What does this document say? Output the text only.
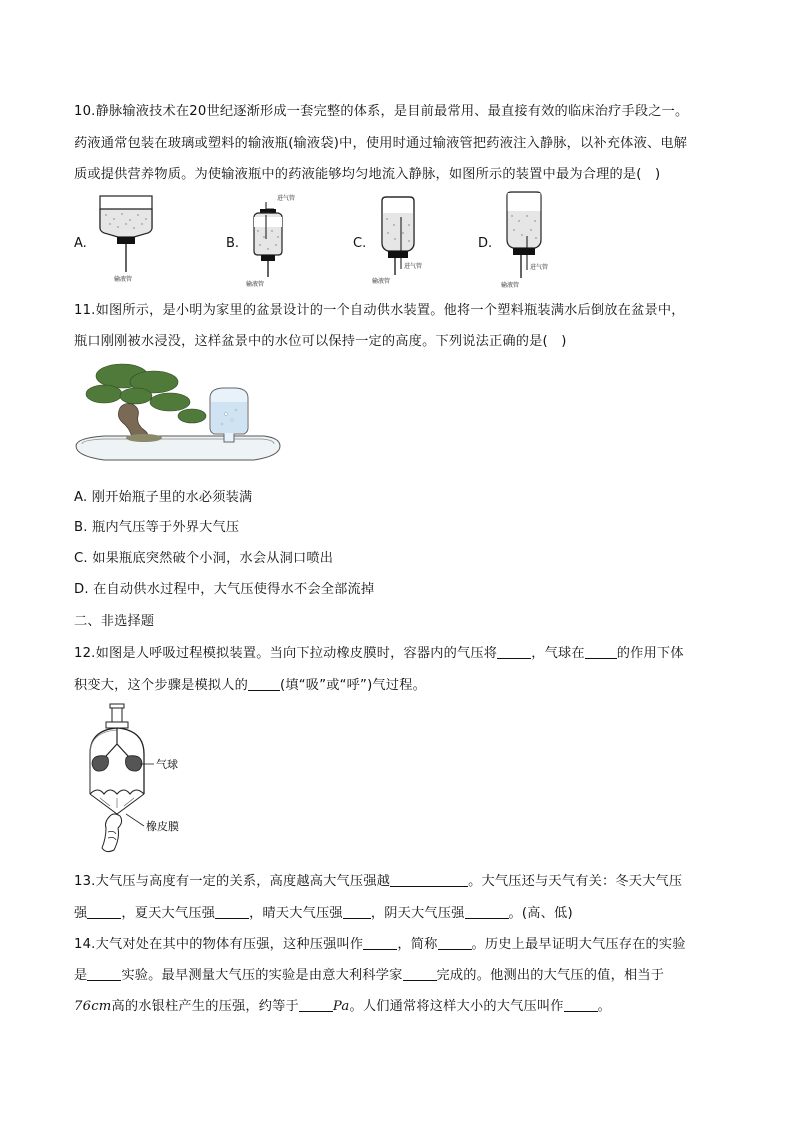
10.静脉输液技术在20世纪逐渐形成一套完整的体系，是目前最常用、最直接有效的临床治疗手段之一。
药液通常包装在玻璃或塑料的输液瓶(输液袋)中，使用时通过输液管把药液注入静脉，以补充体液、电解
质或提供营养物质。为使输液瓶中的药液能够均匀地流入静脉，如图所示的装置中最为合理的是(　)
A.	B.	C.	D.
输液管
进气管
输液管
进气管
输液管
进气管
输液管
11.如图所示，是小明为家里的盆景设计的一个自动供水装置。他将一个塑料瓶装满水后倒放在盆景中，
瓶口刚刚被水浸没，这样盆景中的水位可以保持一定的高度。下列说法正确的是(　)
A. 刚开始瓶子里的水必须装满
B. 瓶内气压等于外界大气压
C. 如果瓶底突然破个小洞，水会从洞口喷出
D. 在自动供水过程中，大气压使得水不会全部流掉
二、非选择题
12.如图是人呼吸过程模拟装置。当向下拉动橡皮膜时，容器内的气压将	，气球在 的作用下体
积变大，这个步骤是模拟人的 (填“吸”或“呼”)气过程。
气球
橡皮膜
13.大气压与高度有一定的关系，高度越高大气压强越	。大气压还与天气有关：冬天大气压
强	，夏天大气压强	，晴天大气压强 ，阴天大气压强	。(高、低)
14.大气对处在其中的物体有压强，这种压强叫作	，简称	。历史上最早证明大气压存在的实验
是	实验。最早测量大气压的实验是由意大利科学家	完成的。他测出的大气压的值，相当于
76cm高的水银柱产生的压强，约等于	Pa。人们通常将这样大小的大气压叫作	。
